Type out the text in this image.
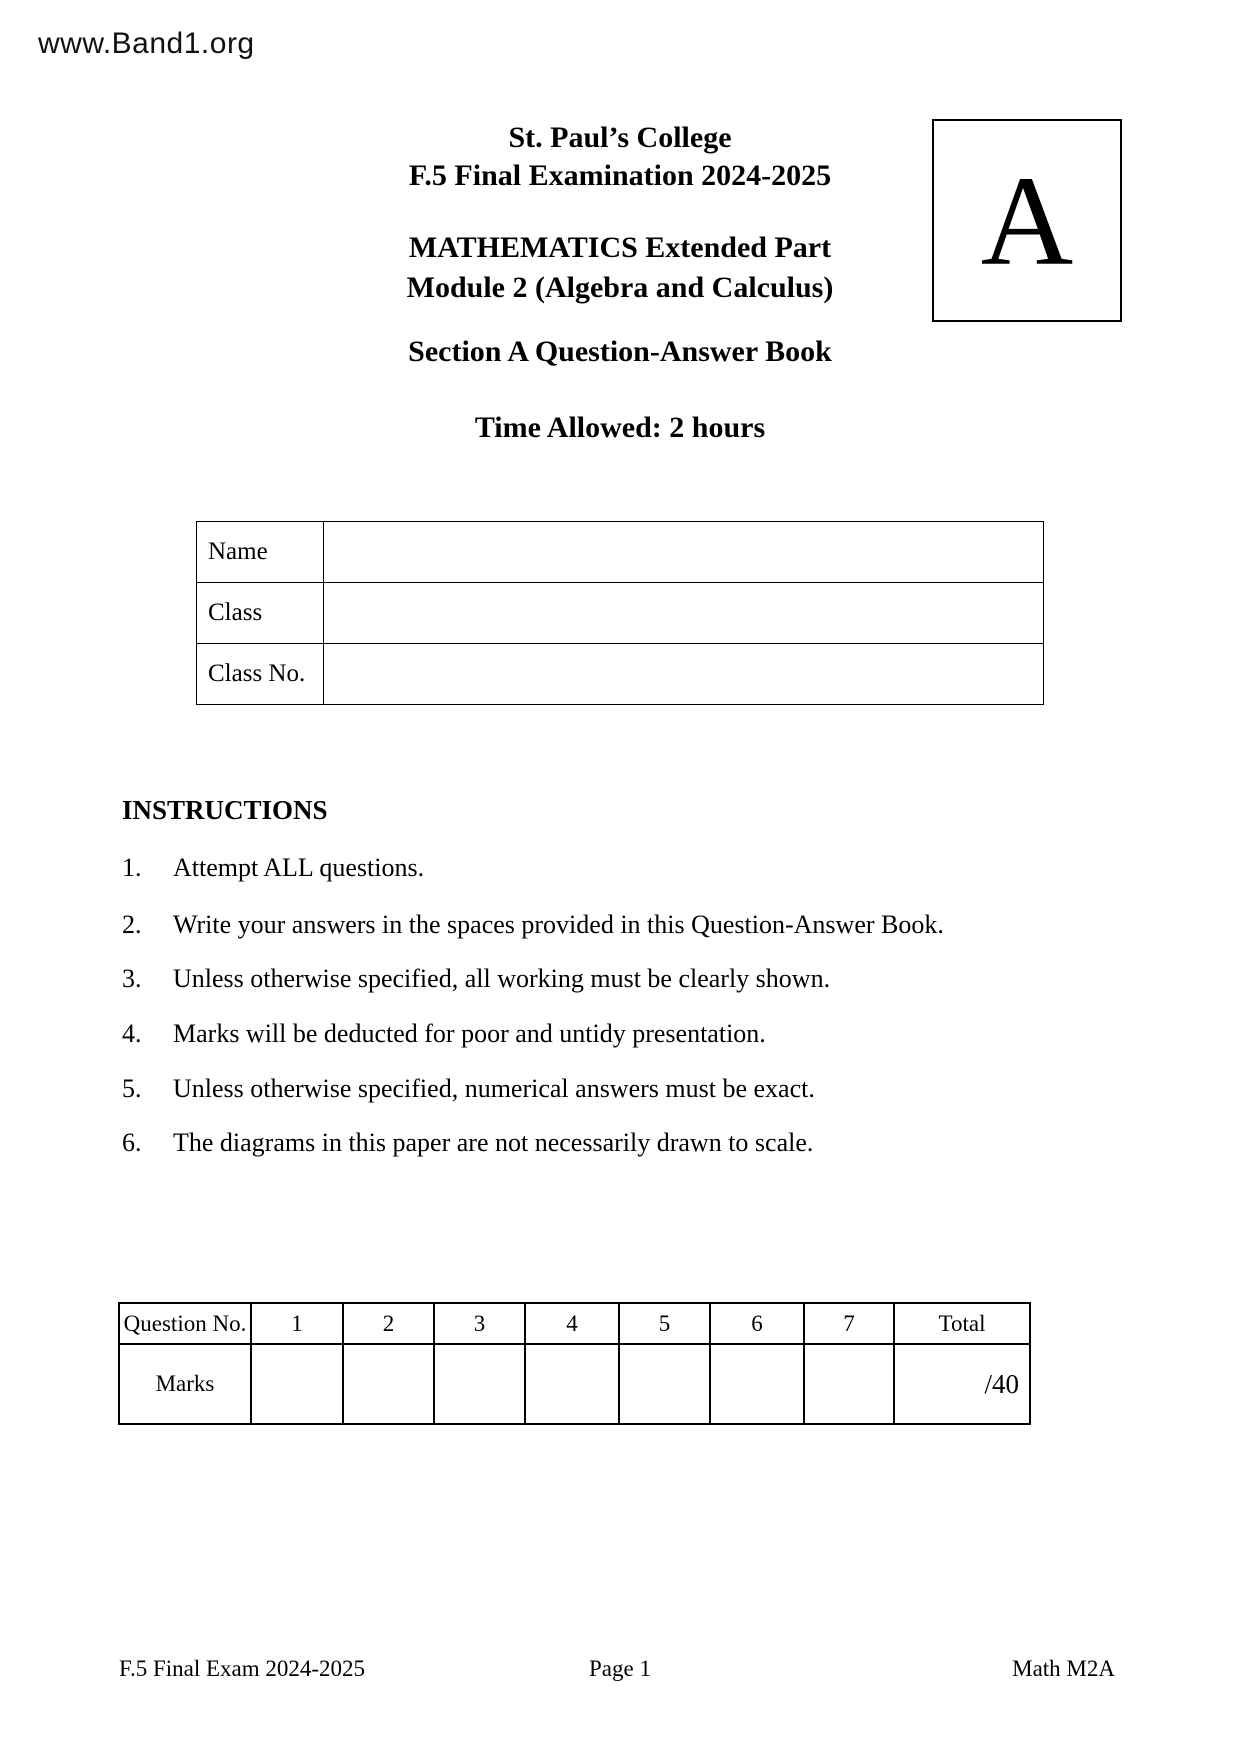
www.Band1.org
St. Paul’s College
F.5 Final Examination 2024-2025
MATHEMATICS Extended Part
Module 2 (Algebra and Calculus)
Section A Question-Answer Book
Time Allowed: 2 hours
A
Name	
Class	
Class No.	
INSTRUCTIONS
1. Attempt ALL questions.
2. Write your answers in the spaces provided in this Question-Answer Book.
3. Unless otherwise specified, all working must be clearly shown.
4. Marks will be deducted for poor and untidy presentation.
5. Unless otherwise specified, numerical answers must be exact.
6. The diagrams in this paper are not necessarily drawn to scale.
Question No.	1	2	3	4	5	6	7	Total
Marks								/40
F.5 Final Exam 2024-2025	Page 1	Math M2A
